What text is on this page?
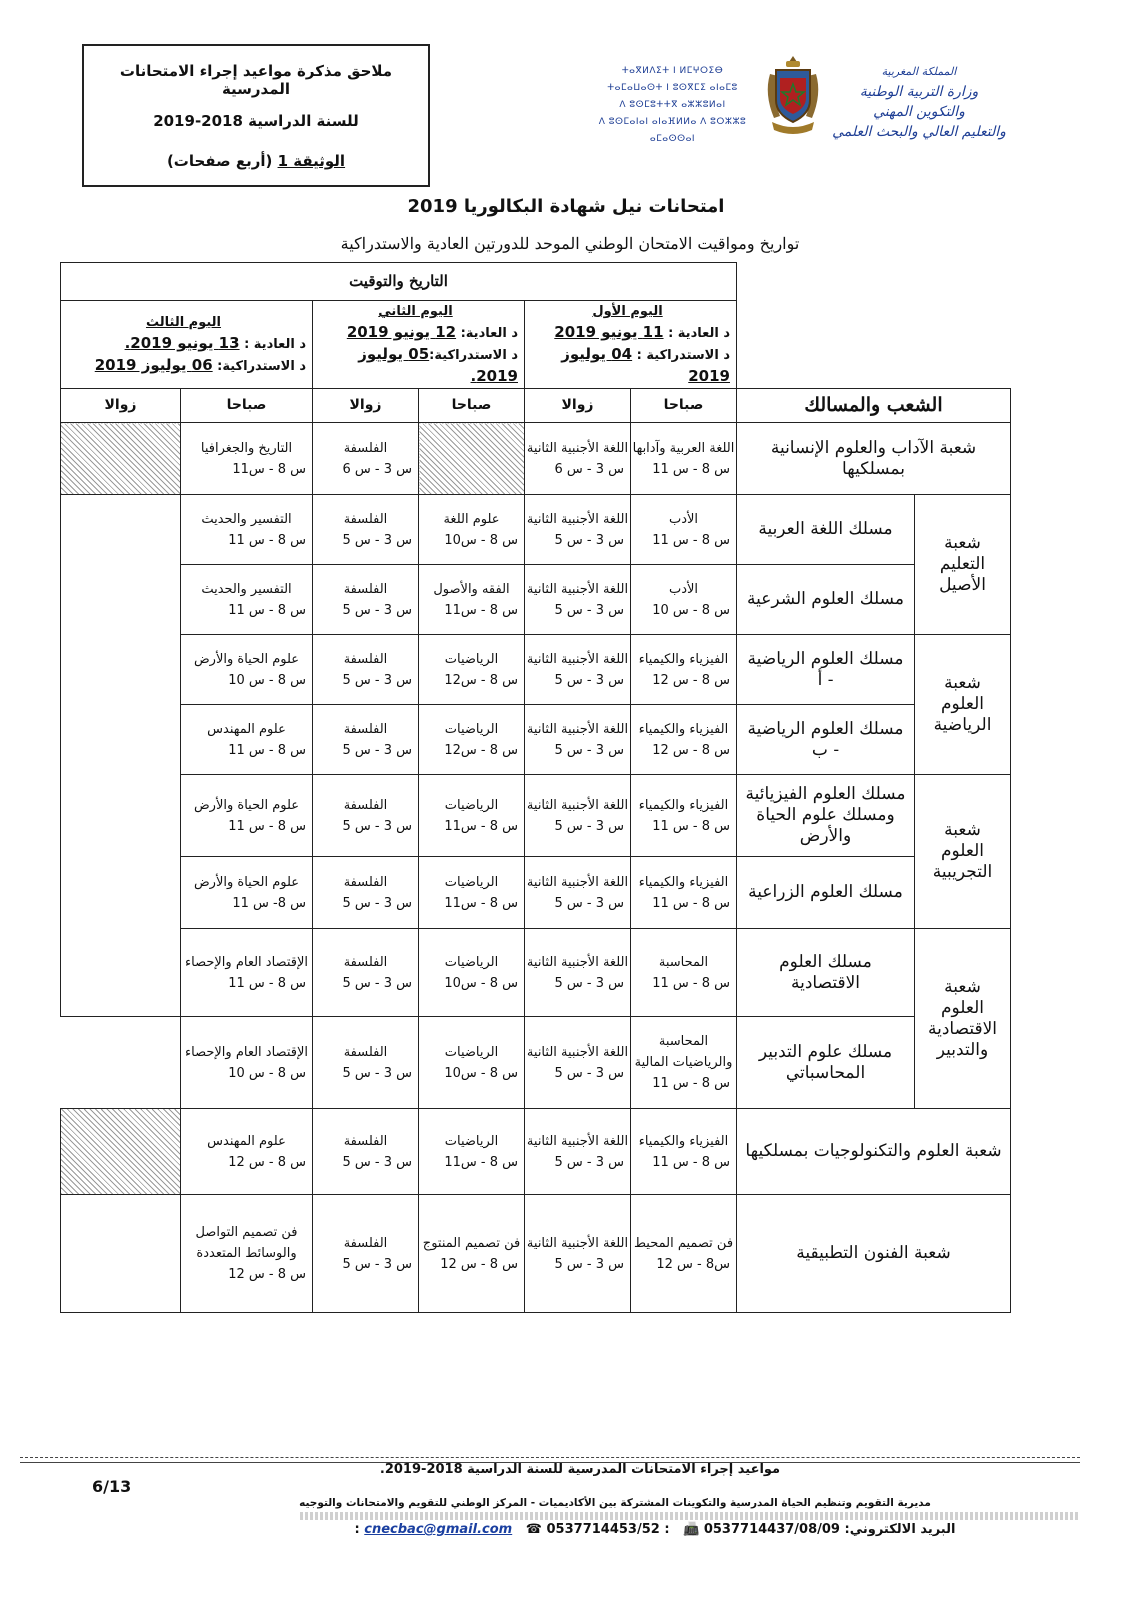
ملاحق مذكرة مواعيد إجراء الامتحانات المدرسية
للسنة الدراسية 2018-2019
الوثيقة 1 (أربع صفحات)
ⵜⴰⴳⵍⴷⵉⵜ ⵏ ⵍⵎⵖⵔⵉⴱ
ⵜⴰⵎⴰⵡⴰⵙⵜ ⵏ ⵓⵙⴳⵎⵉ ⴰⵏⴰⵎⵓ
ⴷ ⵓⵙⵎⵓⵜⵜⴳ ⴰⵣⵣⵓⵍⴰⵏ
ⴷ ⵓⵙⵎⴰⵏⴰⵏ ⴰⵏⴰⴼⵍⵍⴰ ⴷ ⵓⵔⵣⵣⵓ ⴰⵎⴰⵙⵙⴰⵏ
المملكة المغربية
وزارة التربية الوطنية
والتكوين المهني
والتعليم العالي والبحث العلمي
امتحانات نيل شهادة البكالوريا 2019
تواريخ ومواقيت الامتحان الوطني الموحد للدورتين العادية والاستدراكية
		التاريخ والتوقيت					

		اليوم الأول
د العادية : 11 يونيو 2019
د الاستدراكية : 04 يوليوز 2019		اليوم الثاني
د العادية: 12 يونيو 2019
د الاستدراكية:05 يوليوز 2019.		اليوم الثالث
د العادية : 13 يونيو 2019.
د الاستدراكية: 06 يوليوز 2019	

الشعب والمسالك		صباحا	زوالا	صباحا	زوالا	صباحا	زوالا
شعبة الآداب والعلوم الإنسانية بمسلكيها		اللغة العربية وآدابها
س 8 - س 11	اللغة الأجنبية الثانية
س 3 - س 6		الفلسفة
س 3 - س 6	التاريخ والجغرافيا
س 8 - س11	

شعبة التعليم الأصيل	مسلك اللغة العربية	الأدب
س 8 - س 11	اللغة الأجنبية الثانية
س 3 - س 5	علوم اللغة
س 8 - س10	الفلسفة
س 3 - س 5	التفسير والحديث
س 8 - س 11	

	مسلك العلوم الشرعية	الأدب
س 8 - س 10	اللغة الأجنبية الثانية
س 3 - س 5	الفقه والأصول
س 8 - س11	الفلسفة
س 3 - س 5	التفسير والحديث
س 8 - س 11	

شعبة العلوم الرياضية	مسلك العلوم الرياضية - أ	الفيزياء والكيمياء
س 8 - س 12	اللغة الأجنبية الثانية
س 3 - س 5	الرياضيات
س 8 - س12	الفلسفة
س 3 - س 5	علوم الحياة والأرض
س 8 - س 10	

	مسلك العلوم الرياضية - ب	الفيزياء والكيمياء
س 8 - س 12	اللغة الأجنبية الثانية
س 3 - س 5	الرياضيات
س 8 - س12	الفلسفة
س 3 - س 5	علوم المهندس
س 8 - س 11	

شعبة العلوم التجريبية	مسلك العلوم الفيزيائية ومسلك علوم الحياة والأرض	الفيزياء والكيمياء
س 8 - س 11	اللغة الأجنبية الثانية
س 3 - س 5	الرياضيات
س 8 - س11	الفلسفة
س 3 - س 5	علوم الحياة والأرض
س 8 - س 11	

	مسلك العلوم الزراعية	الفيزياء والكيمياء
س 8 - س 11	اللغة الأجنبية الثانية
س 3 - س 5	الرياضيات
س 8 - س11	الفلسفة
س 3 - س 5	علوم الحياة والأرض
س 8- س 11	

شعبة العلوم الاقتصادية والتدبير	مسلك العلوم الاقتصادية	المحاسبة
س 8 - س 11	اللغة الأجنبية الثانية
س 3 - س 5	الرياضيات
س 8 - س10	الفلسفة
س 3 - س 5	الإقتصاد العام والإحصاء
س 8 - س 11	

	مسلك علوم التدبير المحاسباتي	المحاسبة والرياضيات المالية
س 8 - س 11	اللغة الأجنبية الثانية
س 3 - س 5	الرياضيات
س 8 - س10	الفلسفة
س 3 - س 5	الإقتصاد العام والإحصاء
س 8 - س 10	

شعبة العلوم والتكنولوجيات بمسلكيها		الفيزياء والكيمياء
س 8 - س 11	اللغة الأجنبية الثانية
س 3 - س 5	الرياضيات
س 8 - س11	الفلسفة
س 3 - س 5	علوم المهندس
س 8 - س 12	

شعبة الفنون التطبيقية		فن تصميم المحيط
س8 - س 12	اللغة الأجنبية الثانية
س 3 - س 5	فن تصميم المنتوج
س 8 - س 12	الفلسفة
س 3 - س 5	فن تصميم التواصل والوسائط المتعددة
س 8 - س 12	

مواعيد إجراء الامتحانات المدرسية للسنة الدراسية 2018-2019.
6/13
مديرية التقويم وتنظيم الحياة المدرسية والتكوينات المشتركة بين الأكاديميات - المركز الوطني للتقويم والامتحانات والتوجيه
البريد الالكتروني: cnecbac@gmail.com ☎ 0537714453/52 : 📠 0537714437/08/09 :
